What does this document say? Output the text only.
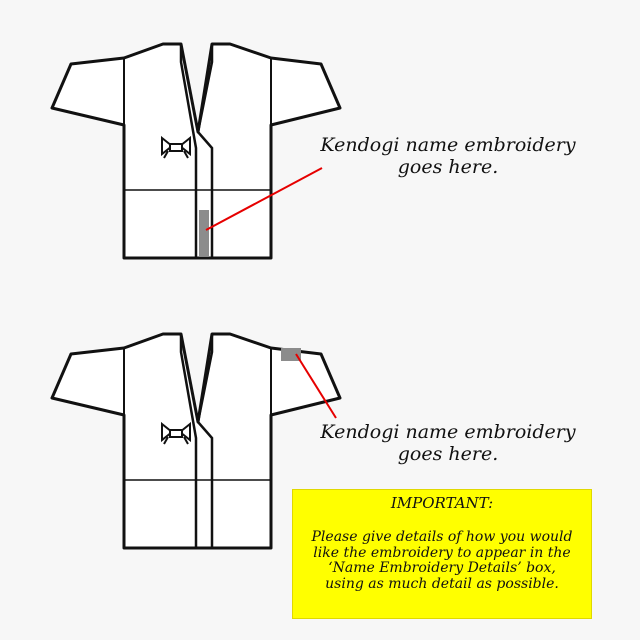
Kendogi name embroidery
goes here.
Kendogi name embroidery
goes here.
IMPORTANT:
Please give details of how you would like the embroidery to appear in the ‘Name Embroidery Details’ box, using as much detail as possible.
